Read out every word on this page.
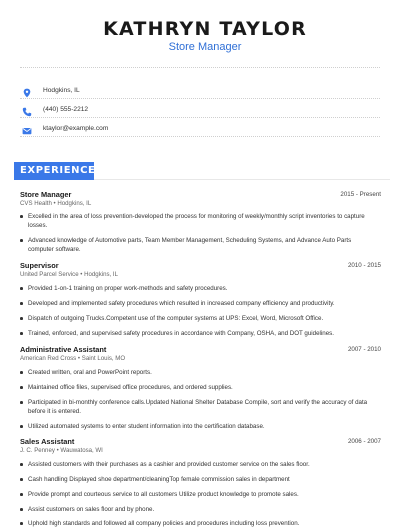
KATHRYN TAYLOR
Store Manager
Hodgkins, IL
(440) 555-2212
ktaylor@example.com
EXPERIENCE
Store Manager	2015 - Present
CVS Health • Hodgkins, IL
Excelled in the area of loss prevention-developed the process for monitoring of weekly/monthly script inventories to capture losses.
Advanced knowledge of Automotive parts, Team Member Management, Scheduling Systems, and Advance Auto Parts computer software.
Supervisor	2010 - 2015
United Parcel Service • Hodgkins, IL
Provided 1-on-1 training on proper work-methods and safety procedures.
Developed and implemented safety procedures which resulted in increased company efficiency and productivity.
Dispatch of outgoing Trucks.Competent use of the computer systems at UPS: Excel, Word, Microsoft Office.
Trained, enforced, and supervised safety procedures in accordance with Company, OSHA, and DOT guidelines.
Administrative Assistant	2007 - 2010
American Red Cross • Saint Louis, MO
Created written, oral and PowerPoint reports.
Maintained office files, supervised office procedures, and ordered supplies.
Participated in bi-monthly conference calls.Updated National Shelter Database Compile, sort and verify the accuracy of data before it is entered.
Utilized automated systems to enter student information into the certification database.
Sales Assistant	2006 - 2007
J. C. Penney • Wauwatosa, WI
Assisted customers with their purchases as a cashier and provided customer service on the sales floor.
Cash handling Displayed shoe department/cleaningTop female commission sales in department
Provide prompt and courteous service to all customers Utilize product knowledge to promote sales.
Assist customers on sales floor and by phone.
Uphold high standards and followed all company policies and procedures including loss prevention.
